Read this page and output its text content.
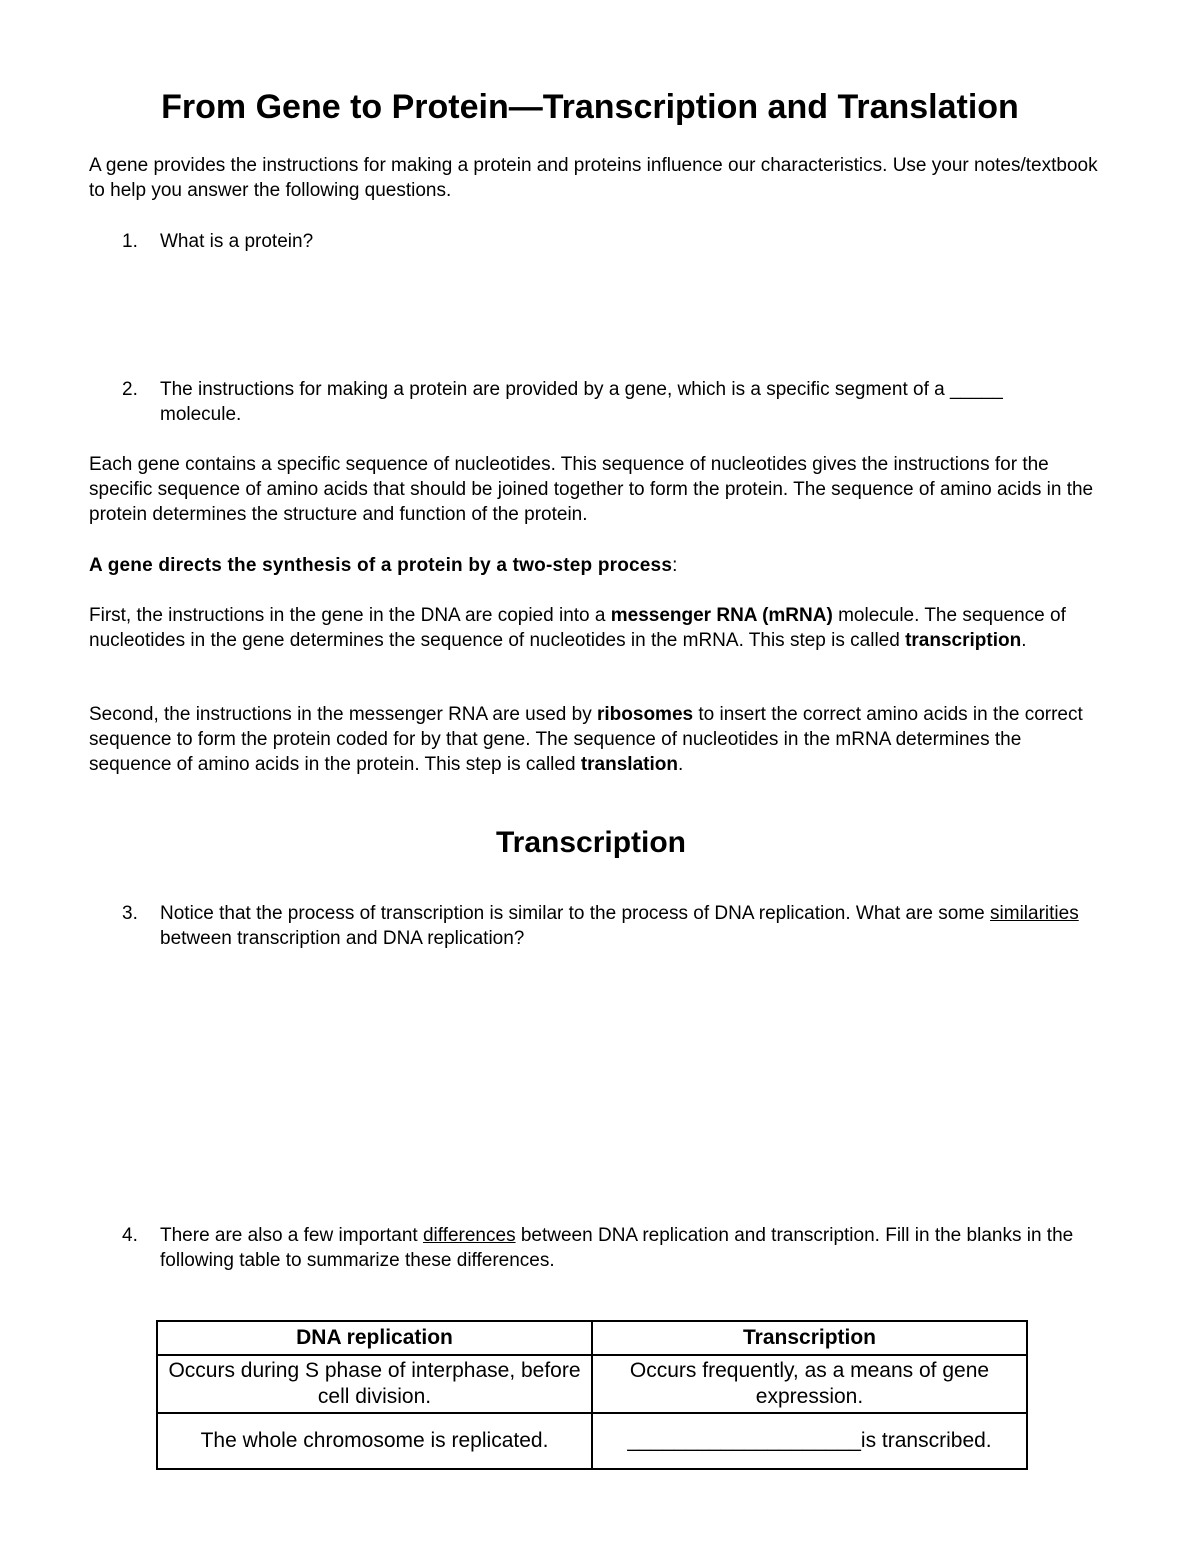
From Gene to Protein—Transcription and Translation

A gene provides the instructions for making a protein and proteins influence our characteristics. Use your notes/textbook to help you answer the following questions.

1. What is a protein?
2. The instructions for making a protein are provided by a gene, which is a specific segment of a _____ molecule.

Each gene contains a specific sequence of nucleotides. This sequence of nucleotides gives the instructions for the specific sequence of amino acids that should be joined together to form the protein. The sequence of amino acids in the protein determines the structure and function of the protein.

A gene directs the synthesis of a protein by a two-step process:

First, the instructions in the gene in the DNA are copied into a messenger RNA (mRNA) molecule. The sequence of nucleotides in the gene determines the sequence of nucleotides in the mRNA. This step is called transcription.

Second, the instructions in the messenger RNA are used by ribosomes to insert the correct amino acids in the correct sequence to form the protein coded for by that gene. The sequence of nucleotides in the mRNA determines the sequence of amino acids in the protein. This step is called translation.

Transcription
3. Notice that the process of transcription is similar to the process of DNA replication. What are some similarities between transcription and DNA replication?
4. There are also a few important differences between DNA replication and transcription. Fill in the blanks in the following table to summarize these differences.
DNA replication	Transcription
Occurs during S phase of interphase, before cell division.	Occurs frequently, as a means of gene expression.
The whole chromosome is replicated.	____________________is transcribed.
